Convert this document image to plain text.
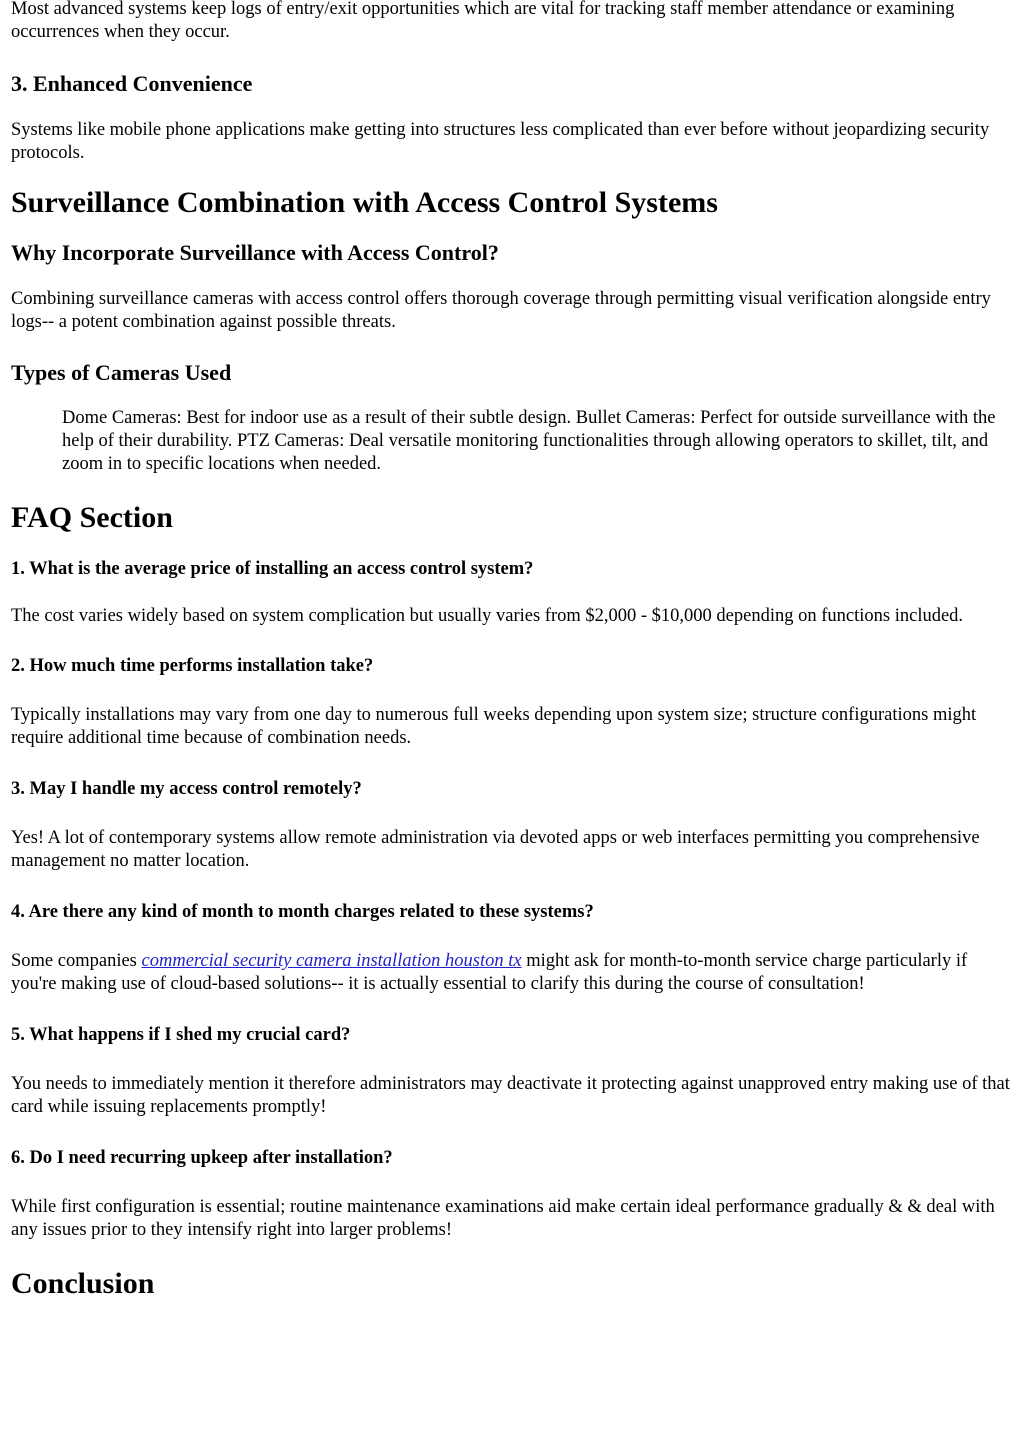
Most advanced systems keep logs of entry/exit opportunities which are vital for tracking staff member attendance or examining occurrences when they occur.

3. Enhanced Convenience

Systems like mobile phone applications make getting into structures less complicated than ever before without jeopardizing security protocols.

Surveillance Combination with Access Control Systems
Why Incorporate Surveillance with Access Control?

Combining surveillance cameras with access control offers thorough coverage through permitting visual verification alongside entry logs-- a potent combination against possible threats.

Types of Cameras Used
Dome Cameras: Best for indoor use as a result of their subtle design. Bullet Cameras: Perfect for outside surveillance with the help of their durability. PTZ Cameras: Deal versatile monitoring functionalities through allowing operators to skillet, tilt, and zoom in to specific locations when needed.
FAQ Section
1. What is the average price of installing an access control system?

The cost varies widely based on system complication but usually varies from $2,000 - $10,000 depending on functions included.

2. How much time performs installation take?

Typically installations may vary from one day to numerous full weeks depending upon system size; structure configurations might require additional time because of combination needs.

3. May I handle my access control remotely?

Yes! A lot of contemporary systems allow remote administration via devoted apps or web interfaces permitting you comprehensive management no matter location.

4. Are there any kind of month to month charges related to these systems?

Some companies commercial security camera installation houston tx might ask for month-to-month service charge particularly if you're making use of cloud-based solutions-- it is actually essential to clarify this during the course of consultation!

5. What happens if I shed my crucial card?

You needs to immediately mention it therefore administrators may deactivate it protecting against unapproved entry making use of that card while issuing replacements promptly!

6. Do I need recurring upkeep after installation?

While first configuration is essential; routine maintenance examinations aid make certain ideal performance gradually & & deal with any issues prior to they intensify right into larger problems!

Conclusion
